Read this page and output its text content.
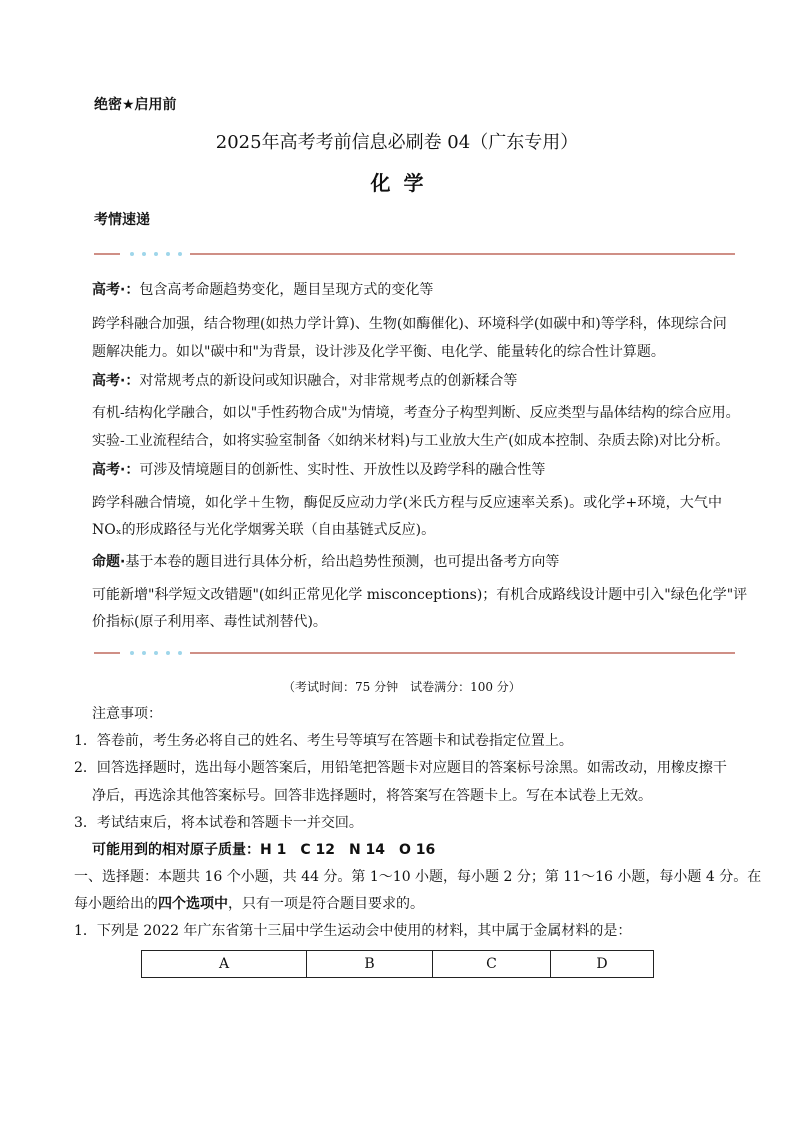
绝密★启用前
2025年高考考前信息必刷卷 04（广东专用）
化 学
考情速递
高考·：包含高考命题趋势变化，题目呈现方式的变化等
跨学科融合加强，结合物理(如热力学计算)、生物(如酶催化)、环境科学(如碳中和)等学科，体现综合问
题解决能力。如以"碳中和"为背景，设计涉及化学平衡、电化学、能量转化的综合性计算题。
高考·：对常规考点的新设问或知识融合，对非常规考点的创新糅合等
有机-结构化学融合，如以"手性药物合成"为情境，考查分子构型判断、反应类型与晶体结构的综合应用。
实验-工业流程结合，如将实验室制备〈如纳米材料)与工业放大生产(如成本控制、杂质去除)对比分析。
高考·：可涉及情境题目的创新性、实时性、开放性以及跨学科的融合性等
跨学科融合情境，如化学＋生物，酶促反应动力学(米氏方程与反应速率关系)。或化学+环境，大气中
NOₓ的形成路径与光化学烟雾关联（自由基链式反应)。
命题·基于本卷的题目进行具体分析，给出趋势性预测，也可提出备考方向等
可能新增"科学短文改错题"(如纠正常见化学 misconceptions)；有机合成路线设计题中引入"绿色化学"评
价指标(原子利用率、毒性试剂替代)。
（考试时间：75 分钟　试卷满分：100 分）
注意事项：
1．答卷前，考生务必将自己的姓名、考生号等填写在答题卡和试卷指定位置上。
2．回答选择题时，选出每小题答案后，用铅笔把答题卡对应题目的答案标号涂黑。如需改动，用橡皮擦干
净后，再选涂其他答案标号。回答非选择题时，将答案写在答题卡上。写在本试卷上无效。
3．考试结束后，将本试卷和答题卡一并交回。
可能用到的相对原子质量：H 1　C 12　N 14　O 16
一、选择题：本题共 16 个小题，共 44 分。第 1～10 小题，每小题 2 分；第 11～16 小题，每小题 4 分。在
每小题给出的四个选项中，只有一项是符合题目要求的。
1．下列是 2022 年广东省第十三届中学生运动会中使用的材料，其中属于金属材料的是：
A	B	C	D
